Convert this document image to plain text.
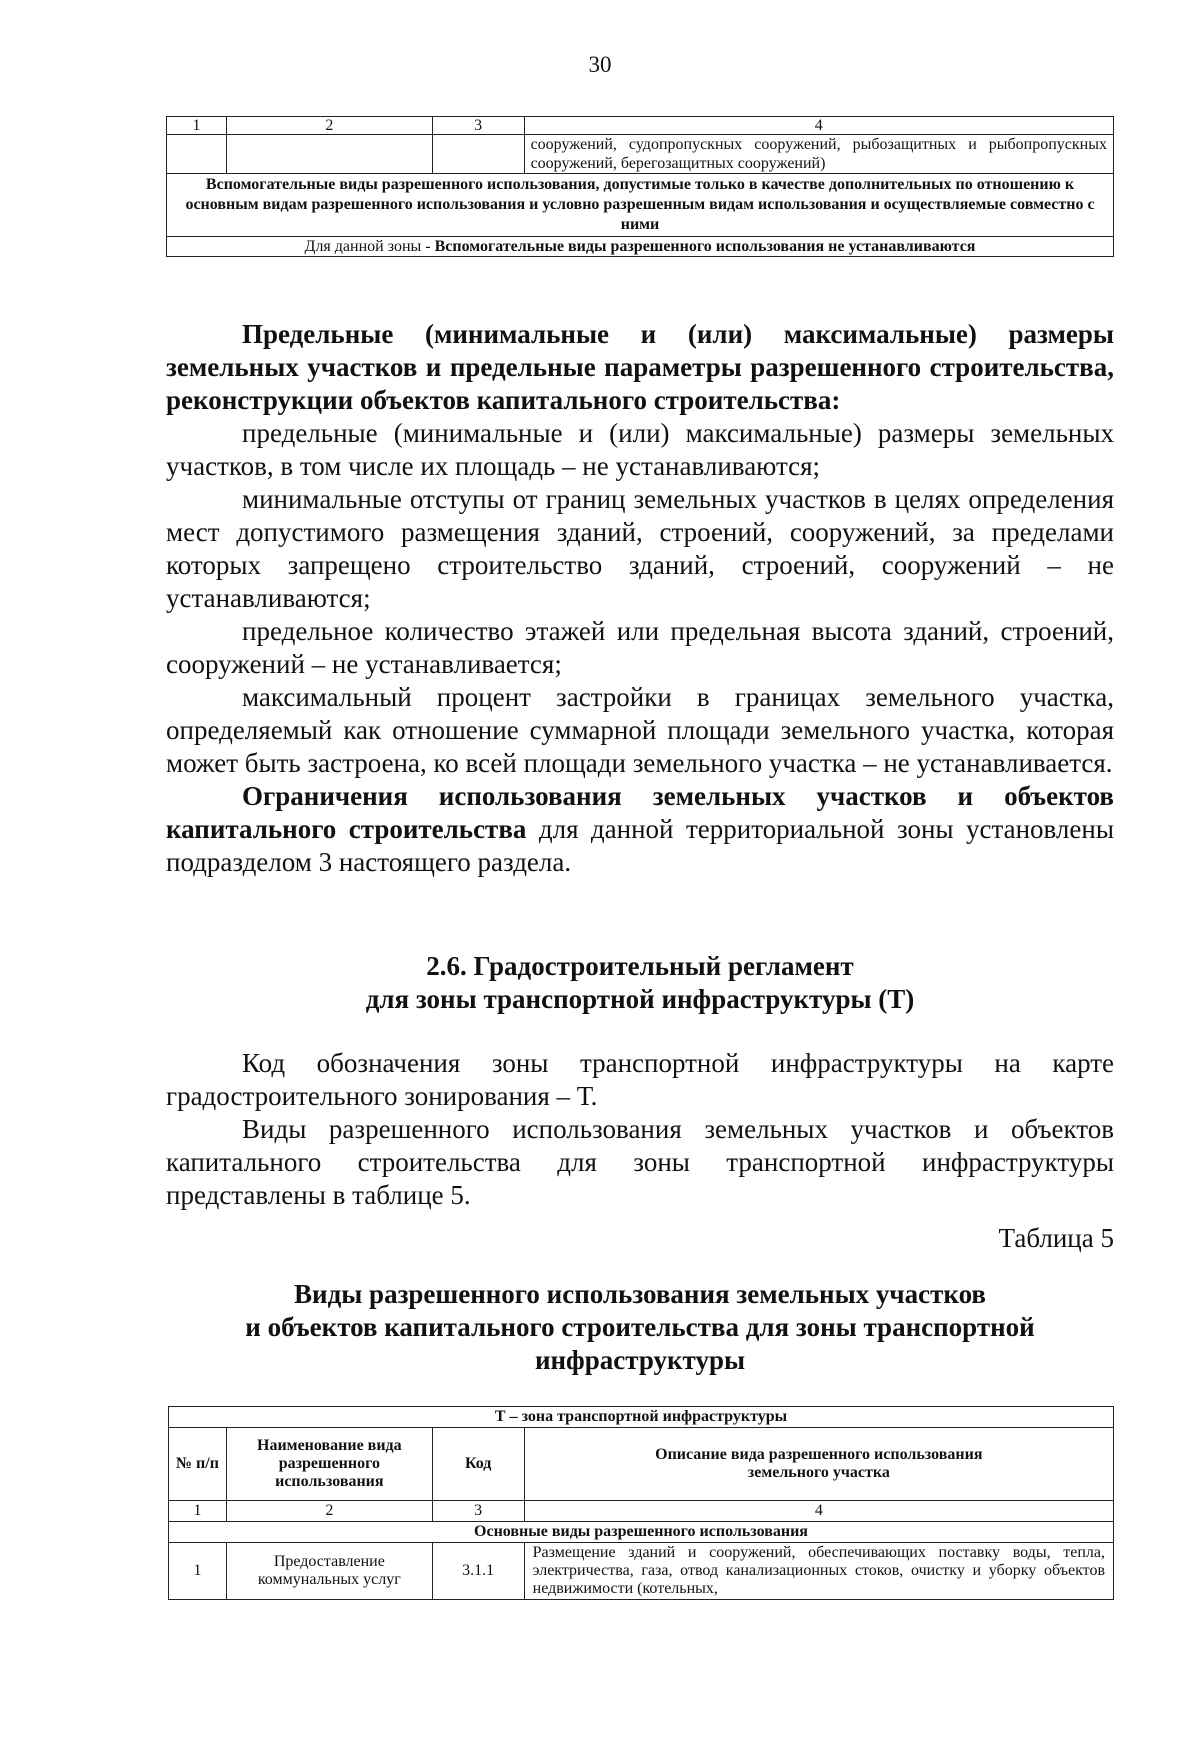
30
1	2	3	4
			сооружений, судопропускных сооружений, рыбозащитных и рыбопропускных сооружений, берегозащитных сооружений)
Вспомогательные виды разрешенного использования, допустимые только в качестве дополнительных по отношению к основным видам разрешенного использования и условно разрешенным видам использования и осуществляемые совместно с ними			
Для данной зоны - Вспомогательные виды разрешенного использования не устанавливаются			

Предельные (минимальные и (или) максимальные) размеры земельных участков и предельные параметры разрешенного строительства, реконструкции объектов капитального строительства:

предельные (минимальные и (или) максимальные) размеры земельных участков, в том числе их площадь – не устанавливаются;

минимальные отступы от границ земельных участков в целях определения мест допустимого размещения зданий, строений, сооружений, за пределами которых запрещено строительство зданий, строений, сооружений – не устанавливаются;

предельное количество этажей или предельная высота зданий, строений, сооружений – не устанавливается;

максимальный процент застройки в границах земельного участка, определяемый как отношение суммарной площади земельного участка, которая может быть застроена, ко всей площади земельного участка – не устанавливается.

Ограничения использования земельных участков и объектов капитального строительства для данной территориальной зоны установлены подразделом 3 настоящего раздела.

2.6. Градостроительный регламент

для зоны транспортной инфраструктуры (Т)

Код обозначения зоны транспортной инфраструктуры на карте градостроительного зонирования – Т.

Виды разрешенного использования земельных участков и объектов капитального строительства для зоны транспортной инфраструктуры представлены в таблице 5.

Таблица 5

Виды разрешенного использования земельных участков

и объектов капитального строительства для зоны транспортной

инфраструктуры

Т – зона транспортной инфраструктуры			
№ п/п	Наименование вида разрешенного использования	Код	Описание вида разрешенного использования земельного участка
1	2	3	4
Основные виды разрешенного использования			
1	Предоставление коммунальных услуг	3.1.1	Размещение зданий и сооружений, обеспечивающих поставку воды, тепла, электричества, газа, отвод канализационных стоков, очистку и уборку объектов недвижимости (котельных,
